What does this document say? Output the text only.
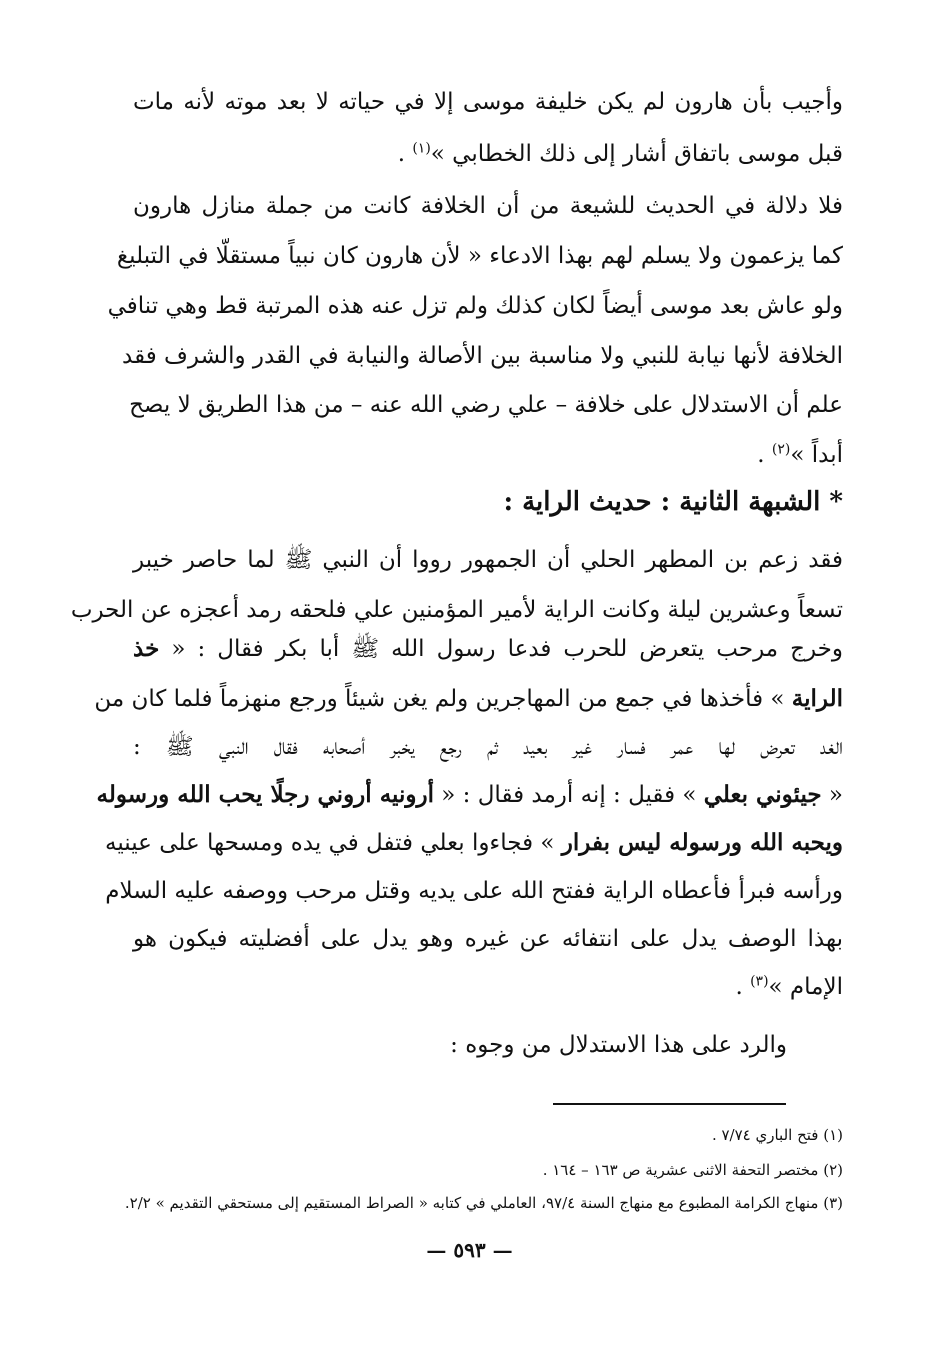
وأجيب بأن هارون لم يكن خليفة موسى إلا في حياته لا بعد موته لأنه مات
قبل موسى باتفاق أشار إلى ذلك الخطابي »$^{(١)}$ .
فلا دلالة في الحديث للشيعة من أن الخلافة كانت من جملة منازل هارون
كما يزعمون ولا يسلم لهم بهذا الادعاء « لأن هارون كان نبياً مستقلّا في التبليغ
ولو عاش بعد موسى أيضاً لكان كذلك ولم تزل عنه هذه المرتبة قط وهي تنافي
الخلافة لأنها نيابة للنبي ولا مناسبة بين الأصالة والنيابة في القدر والشرف فقد
علم أن الاستدلال على خلافة – علي رضي الله عنه – من هذا الطريق لا يصح
أبداً »$^{(٢)}$ .
* الشبهة الثانية : حديث الراية :
فقد زعم بن المطهر الحلي أن الجمهور رووا أن النبي ﷺ لما حاصر خيبر
تسعاً وعشرين ليلة وكانت الراية لأمير المؤمنين علي فلحقه رمد أعجزه عن الحرب
وخرج مرحب يتعرض للحرب فدعا رسول الله ﷺ أبا بكر فقال : « خذ
الراية » فأخذها في جمع من المهاجرين ولم يغن شيئاً ورجع منهزماً فلما كان من
الغد تعرض لها عمر فسار غير بعيد ثم رجع يخبر أصحابه فقال النبي ﷺ :
« جيئوني بعلي » فقيل : إنه أرمد فقال : « أرونيه أروني رجلًا يحب الله ورسوله
ويحبه الله ورسوله ليس بفرار » فجاءوا بعلي فتفل في يده ومسحها على عينيه
ورأسه فبرأ فأعطاه الراية ففتح الله على يديه وقتل مرحب ووصفه عليه السلام
بهذا الوصف يدل على انتفائه عن غيره وهو يدل على أفضليته فيكون هو
الإمام »$^{(٣)}$ .
والرد على هذا الاستدلال من وجوه :
(١) فتح الباري ٧/٧٤ .
(٢) مختصر التحفة الاثنى عشرية ص ١٦٣ – ١٦٤ .
(٣) منهاج الكرامة المطبوع مع منهاج السنة ٩٧/٤، العاملي في كتابه « الصراط المستقيم إلى مستحقي التقديم » ٢/٢.
— ٥٩٣ —
